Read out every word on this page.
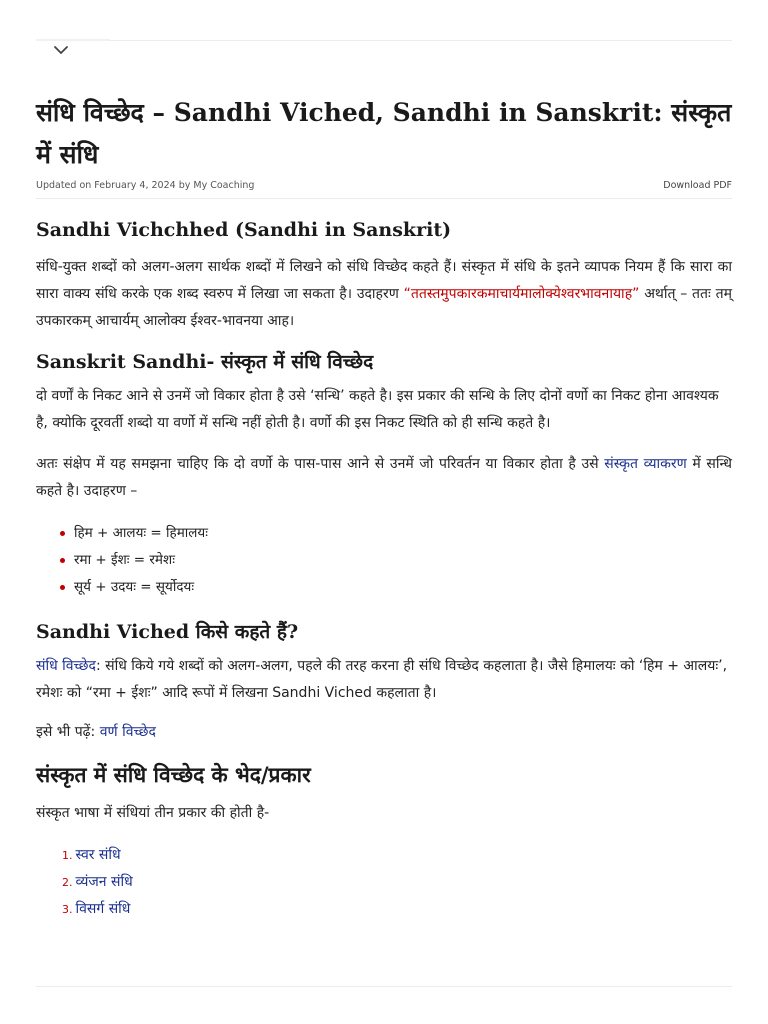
संधि विच्छेद – Sandhi Viched, Sandhi in Sanskrit: संस्कृत में संधि
Updated on February 4, 2024 by My Coaching	Download PDF
Sandhi Vichchhed (Sandhi in Sanskrit)

संधि-युक्त शब्दों को अलग-अलग सार्थक शब्दों में लिखने को संधि विच्छेद कहते हैं। संस्कृत में संधि के इतने व्यापक नियम हैं कि सारा का सारा वाक्य संधि करके एक शब्द स्वरुप में लिखा जा सकता है। उदाहरण “ततस्तमुपकारकमाचार्यमालोक्येश्वरभावनायाह” अर्थात् – ततः तम् उपकारकम् आचार्यम् आलोक्य ईश्वर-भावनया आह।

Sanskrit Sandhi- संस्कृत में संधि विच्छेद

दो वर्णों के निकट आने से उनमें जो विकार होता है उसे ‘सन्धि’ कहते है। इस प्रकार की सन्धि के लिए दोनों वर्णो का निकट होना आवश्यक है, क्योकि दूरवर्ती शब्दो या वर्णो में सन्धि नहीं होती है। वर्णो की इस निकट स्थिति को ही सन्धि कहते है।

अतः संक्षेप में यह समझना चाहिए कि दो वर्णो के पास-पास आने से उनमें जो परिवर्तन या विकार होता है उसे संस्कृत व्याकरण में सन्धि कहते है। उदाहरण –

हिम + आलयः = हिमालयः
रमा + ईशः = रमेशः
सूर्य + उदयः = सूर्योदयः
Sandhi Viched किसे कहते हैं?

संधि विच्छेद: संधि किये गये शब्दों को अलग-अलग, पहले की तरह करना ही संधि विच्छेद कहलाता है। जैसे हिमालयः को ‘हिम + आलयः’, रमेशः को “रमा + ईशः” आदि रूपों में लिखना Sandhi Viched कहलाता है।

इसे भी पढ़ें: वर्ण विच्छेद

संस्कृत में संधि विच्छेद के भेद/प्रकार

संस्कृत भाषा में संधियां तीन प्रकार की होती है-

1. स्वर संधि
2. व्यंजन संधि
3. विसर्ग संधि
